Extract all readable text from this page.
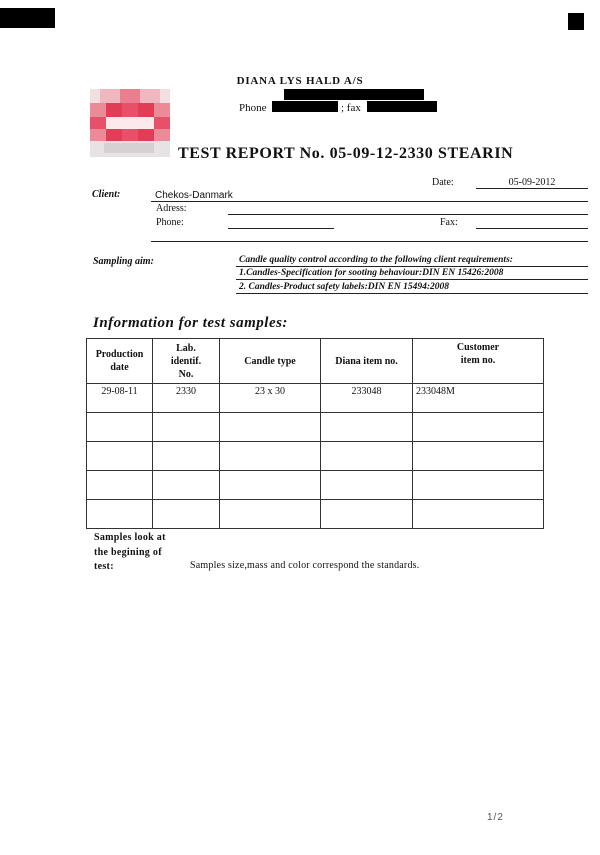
DIANA LYS HALD A/S
Phone	; fax
TEST REPORT No. 05-09-12-2330 STEARIN
Date:	05-09-2012
Client:	Chekos-Danmark
Adress:
Phone:	Fax:
Sampling aim:	Candle quality control according to the following client requirements:
1.Candles-Specification for sooting behaviour:DIN EN 15426:2008
2. Candles-Product safety labels:DIN EN 15494:2008
Information for test samples:
Production
date	Lab.
identif.
No.	Candle type	Diana item no.	Customer
item no.
29-08-11	2330	23 x 30	233048	233048M

Samples look at
the begining of
test:	Samples size,mass and color correspond the standards.
1/2
